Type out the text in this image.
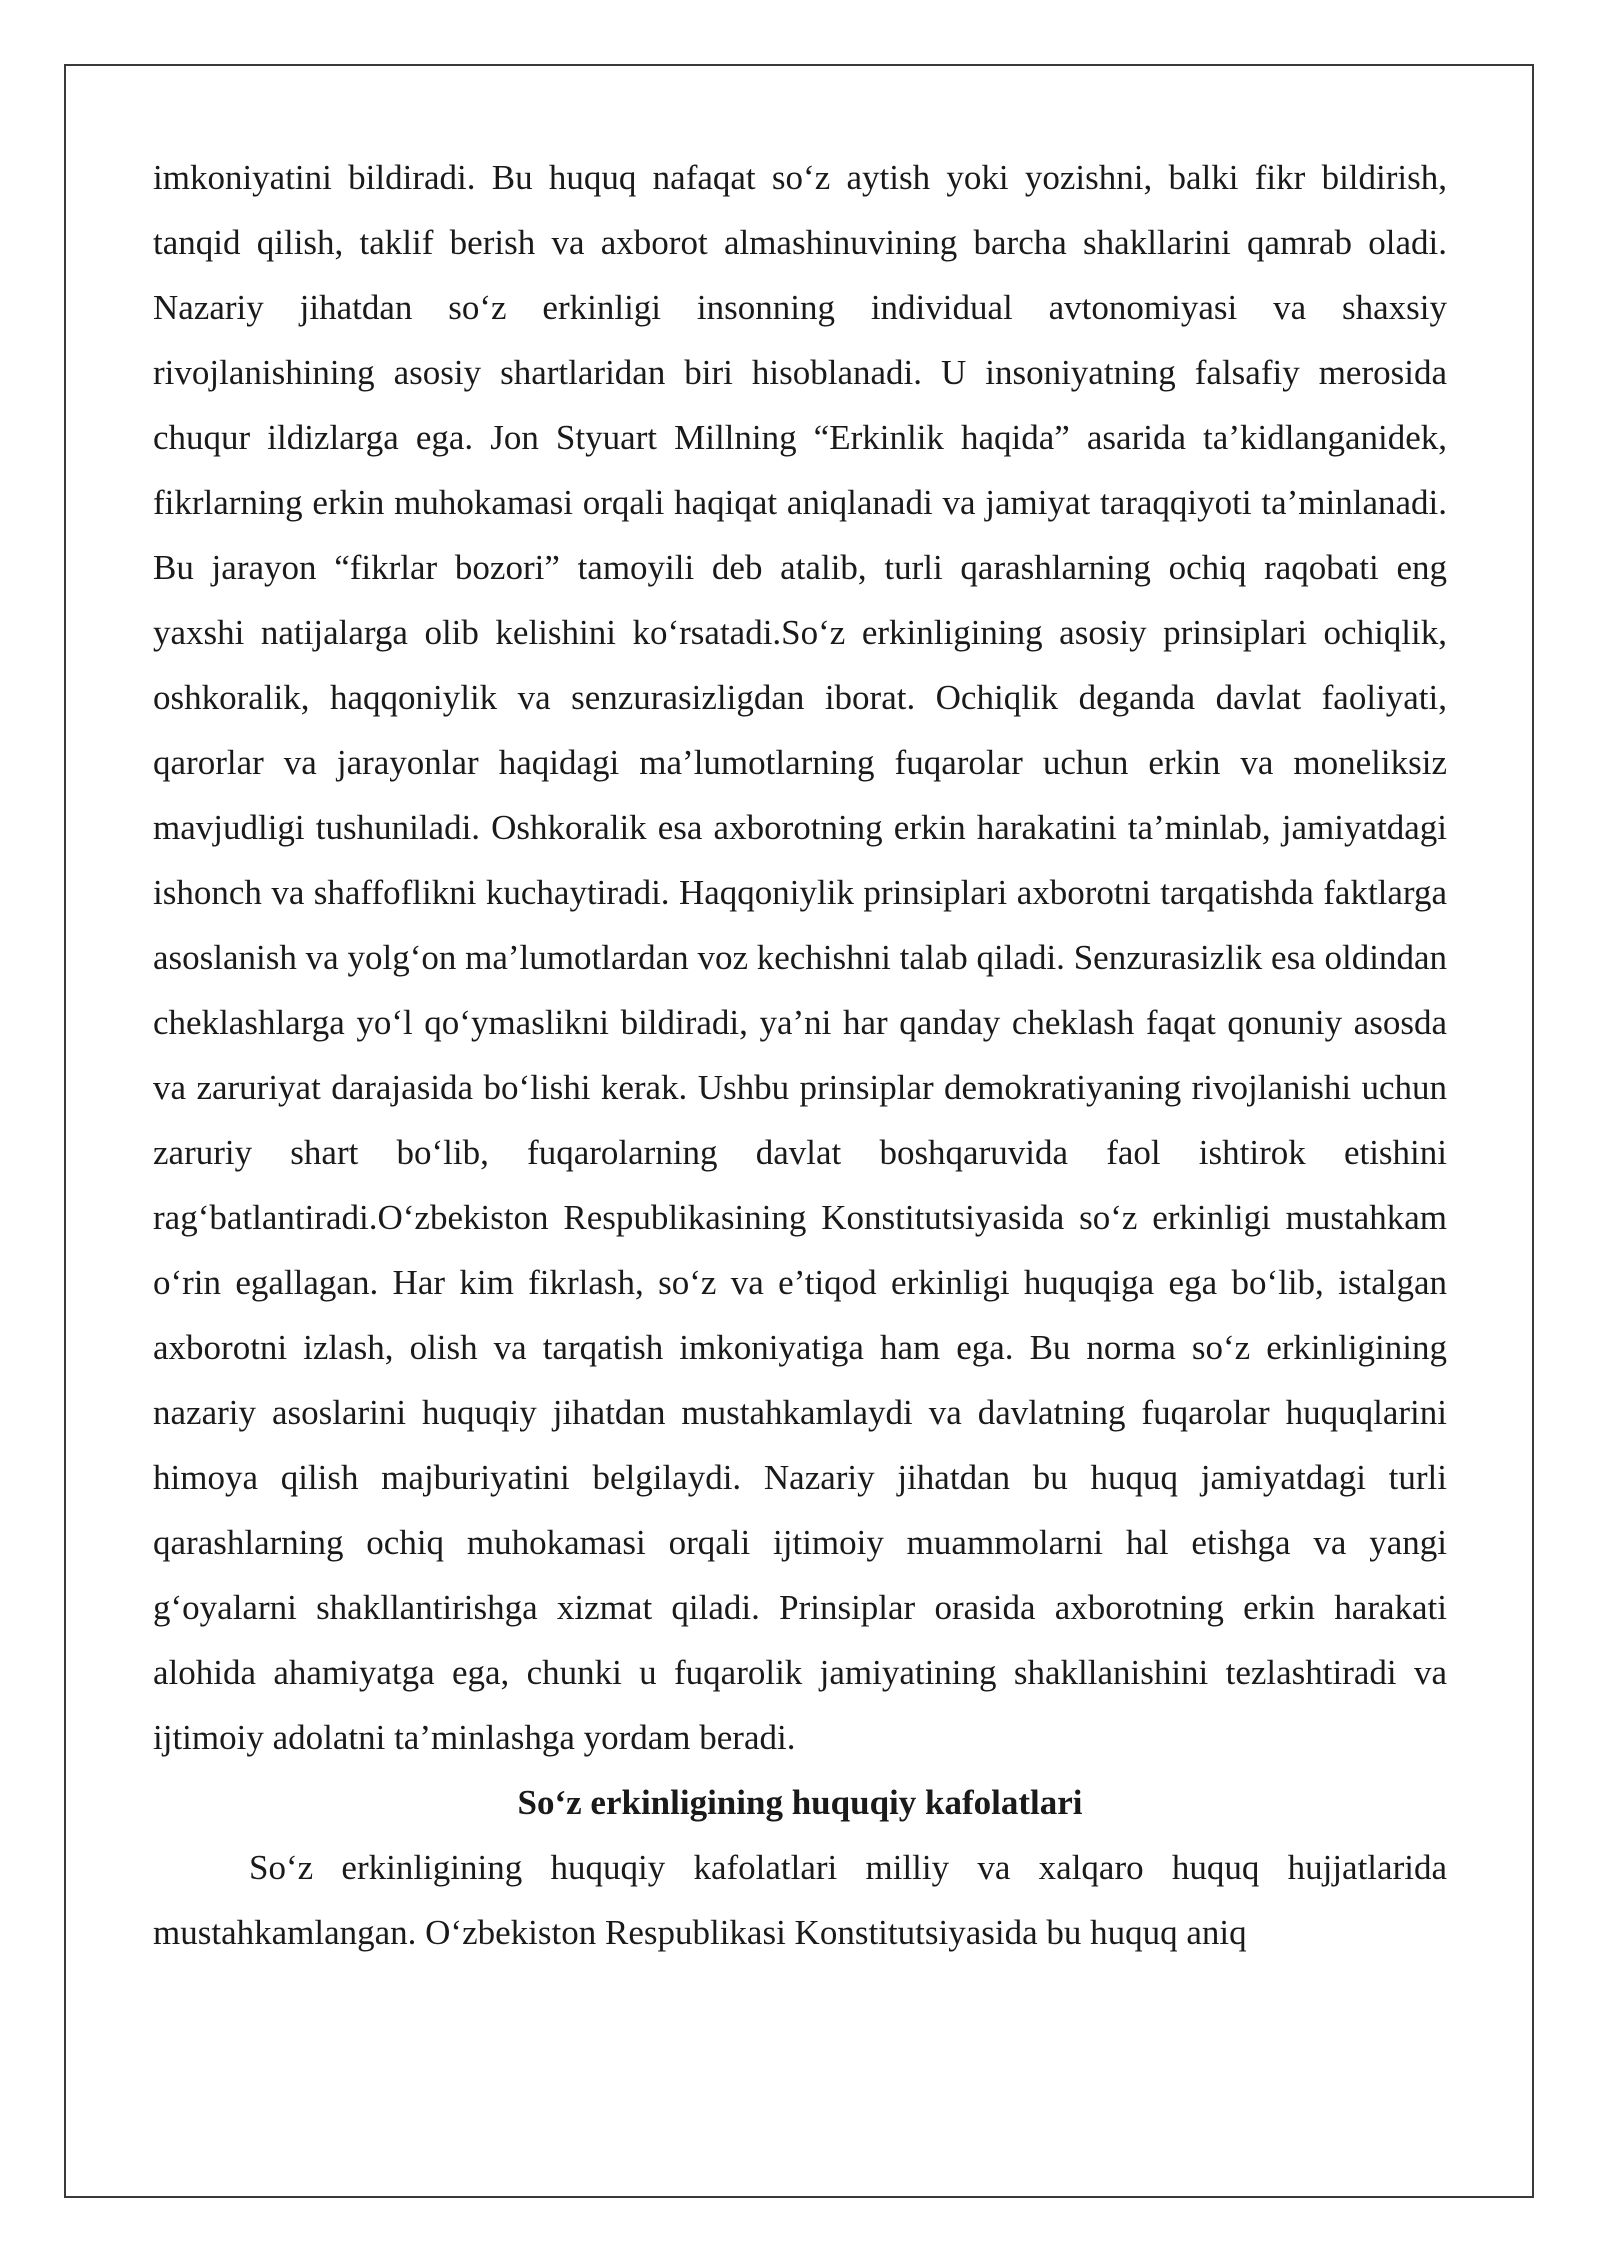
imkoniyatini bildiradi. Bu huquq nafaqat so‘z aytish yoki yozishni, balki fikr bildirish, tanqid qilish, taklif berish va axborot almashinuvining barcha shakllarini qamrab oladi. Nazariy jihatdan so‘z erkinligi insonning individual avtonomiyasi va shaxsiy rivojlanishining asosiy shartlaridan biri hisoblanadi. U insoniyatning falsafiy merosida chuqur ildizlarga ega. Jon Styuart Millning “Erkinlik haqida” asarida ta’kidlanganidek, fikrlarning erkin muhokamasi orqali haqiqat aniqlanadi va jamiyat taraqqiyoti ta’minlanadi. Bu jarayon “fikrlar bozori” tamoyili deb atalib, turli qarashlarning ochiq raqobati eng yaxshi natijalarga olib kelishini ko‘rsatadi.So‘z erkinligining asosiy prinsiplari ochiqlik, oshkoralik, haqqoniylik va senzurasizligdan iborat. Ochiqlik deganda davlat faoliyati, qarorlar va jarayonlar haqidagi ma’lumotlarning fuqarolar uchun erkin va moneliksiz mavjudligi tushuniladi. Oshkoralik esa axborotning erkin harakatini ta’minlab, jamiyatdagi ishonch va shaffoflikni kuchaytiradi. Haqqoniylik prinsiplari axborotni tarqatishda faktlarga asoslanish va yolg‘on ma’lumotlardan voz kechishni talab qiladi. Senzurasizlik esa oldindan cheklashlarga yo‘l qo‘ymaslikni bildiradi, ya’ni har qanday cheklash faqat qonuniy asosda va zaruriyat darajasida bo‘lishi kerak. Ushbu prinsiplar demokratiyaning rivojlanishi uchun zaruriy shart bo‘lib, fuqarolarning davlat boshqaruvida faol ishtirok etishini rag‘batlantiradi.O‘zbekiston Respublikasining Konstitutsiyasida so‘z erkinligi mustahkam o‘rin egallagan. Har kim fikrlash, so‘z va e’tiqod erkinligi huquqiga ega bo‘lib, istalgan axborotni izlash, olish va tarqatish imkoniyatiga ham ega. Bu norma so‘z erkinligining nazariy asoslarini huquqiy jihatdan mustahkamlaydi va davlatning fuqarolar huquqlarini himoya qilish majburiyatini belgilaydi. Nazariy jihatdan bu huquq jamiyatdagi turli qarashlarning ochiq muhokamasi orqali ijtimoiy muammolarni hal etishga va yangi g‘oyalarni shakllantirishga xizmat qiladi. Prinsiplar orasida axborotning erkin harakati alohida ahamiyatga ega, chunki u fuqarolik jamiyatining shakllanishini tezlashtiradi va ijtimoiy adolatni ta’minlashga yordam beradi.

So‘z erkinligining huquqiy kafolatlari

So‘z erkinligining huquqiy kafolatlari milliy va xalqaro huquq hujjatlarida mustahkamlangan. O‘zbekiston Respublikasi Konstitutsiyasida bu huquq aniq
